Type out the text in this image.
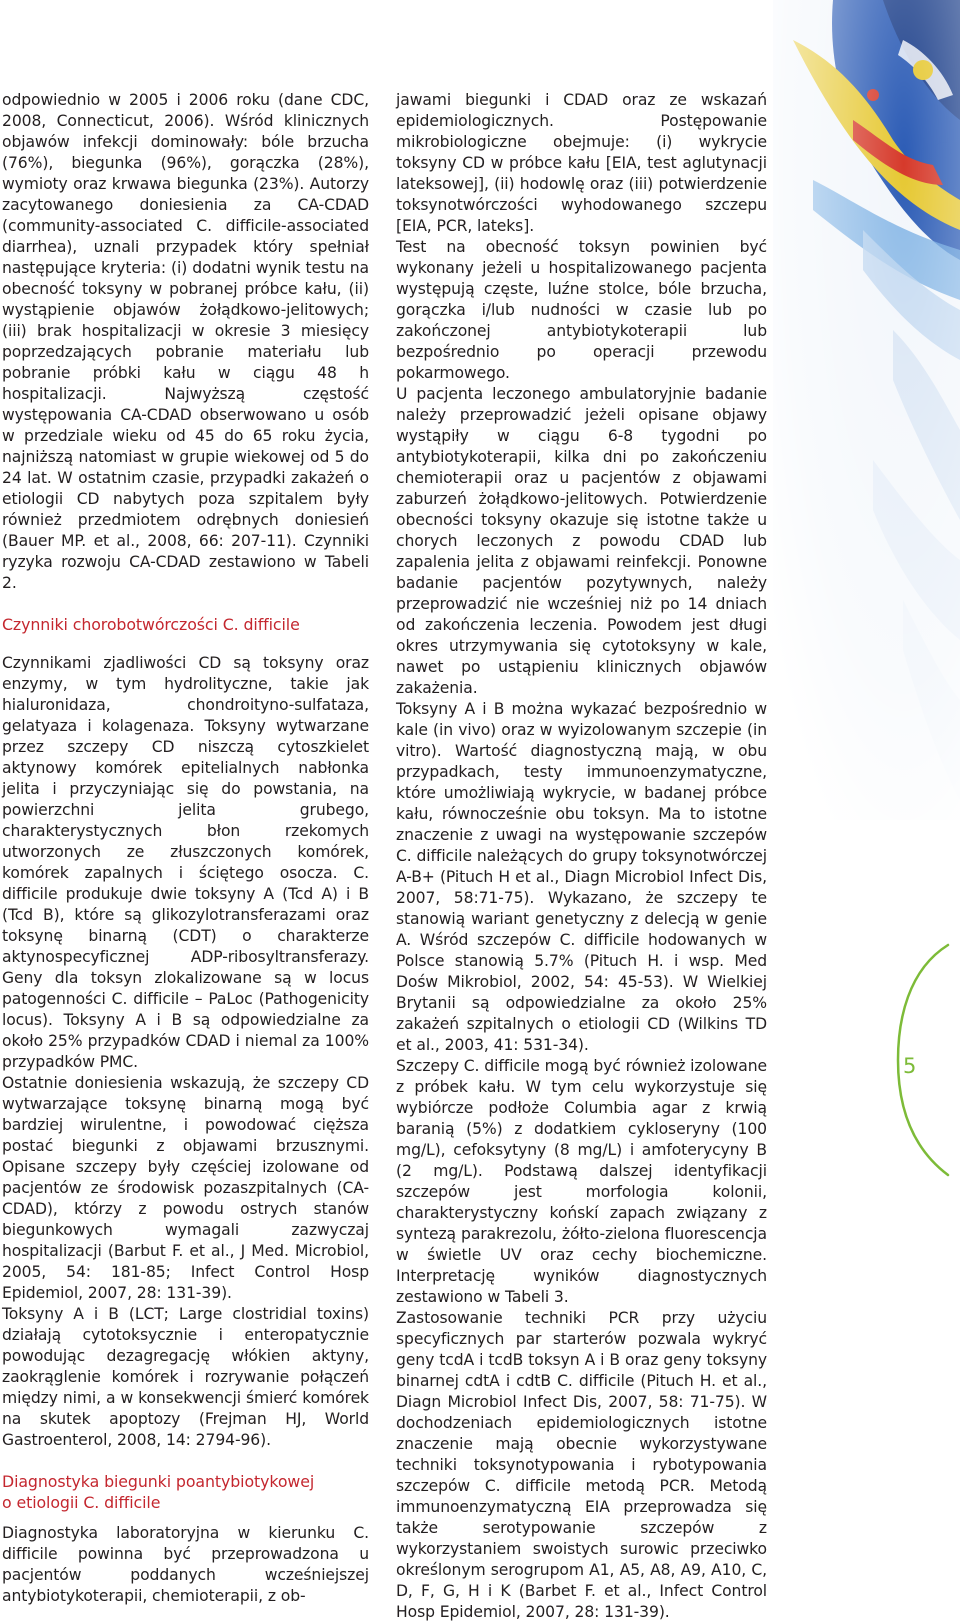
odpowiednio w 2005 i 2006 roku (dane CDC, 2008, Connecticut, 2006). Wśród klinicznych objawów infekcji dominowały: bóle brzucha (76%), biegunka (96%), gorączka (28%), wymioty oraz krwawa biegunka (23%). Autorzy zacytowanego doniesienia za CA-CDAD (community-associated C. difficile-associated diarrhea), uznali przypadek który spełniał następujące kryteria: (i) dodatni wynik testu na obecność toksyny w pobranej próbce kału, (ii) wystąpienie objawów żołądkowo-jelitowych; (iii) brak hospitalizacji w okresie 3 miesięcy poprzedzających pobranie materiału lub pobranie próbki kału w ciągu 48 h hospitalizacji. Najwyższą częstość występowania CA-CDAD obserwowano u osób w przedziale wieku od 45 do 65 roku życia, najniższą natomiast w grupie wiekowej od 5 do 24 lat. W ostatnim czasie, przypadki zakażeń o etiologii CD nabytych poza szpitalem były również przedmiotem odrębnych doniesień (Bauer MP. et al., 2008, 66: 207-11). Czynniki ryzyka rozwoju CA-CDAD zestawiono w Tabeli 2.

Czynniki chorobotwórczości C. difficile

Czynnikami zjadliwości CD są toksyny oraz enzymy, w tym hydrolityczne, takie jak hialuronidaza, chondroityno-sulfataza, gelatyaza i kolagenaza. Toksyny wytwarzane przez szczepy CD niszczą cytoszkielet aktynowy komórek epitelialnych nabłonka jelita i przyczyniając się do powstania, na powierzchni jelita grubego, charakterystycznych błon rzekomych utworzonych ze złuszczonych komórek, komórek zapalnych i ściętego osocza. C. difficile produkuje dwie toksyny A (Tcd A) i B (Tcd B), które są glikozylotransferazami oraz toksynę binarną (CDT) o charakterze aktynospecyficznej ADP-ribosyltransferazy. Geny dla toksyn zlokalizowane są w locus patogenności C. difficile – PaLoc (Pathogenicity locus). Toksyny A i B są odpowiedzialne za około 25% przypadków CDAD i niemal za 100% przypadków PMC.

Ostatnie doniesienia wskazują, że szczepy CD wytwarzające toksynę binarną mogą być bardziej wirulentne, i powodować cięższa postać biegunki z objawami brzusznymi. Opisane szczepy były częściej izolowane od pacjentów ze środowisk pozaszpitalnych (CA-CDAD), którzy z powodu ostrych stanów biegunkowych wymagali zazwyczaj hospitalizacji (Barbut F. et al., J Med. Microbiol, 2005, 54: 181-85; Infect Control Hosp Epidemiol, 2007, 28: 131-39).

Toksyny A i B (LCT; Large clostridial toxins) działają cytotoksycznie i enteropatycznie powodując dezagregację włókien aktyny, zaokrąglenie komórek i rozrywanie połączeń między nimi, a w konsekwencji śmierć komórek na skutek apoptozy (Frejman HJ, World Gastroenterol, 2008, 14: 2794-96).

Diagnostyka biegunki poantybiotykowej
o etiologii C. difficile

Diagnostyka laboratoryjna w kierunku C. difficile powinna być przeprowadzona u pacjentów poddanych wcześniejszej antybiotykoterapii, chemioterapii, z ob-

jawami biegunki i CDAD oraz ze wskazań epidemiologicznych. Postępowanie mikrobiologiczne obejmuje: (i) wykrycie toksyny CD w próbce kału [EIA, test aglutynacji lateksowej], (ii) hodowlę oraz (iii) potwierdzenie toksynotwórczości wyhodowanego szczepu [EIA, PCR, lateks].

Test na obecność toksyn powinien być wykonany jeżeli u hospitalizowanego pacjenta występują częste, luźne stolce, bóle brzucha, gorączka i/lub nudności w czasie lub po zakończonej antybiotykoterapii lub bezpośrednio po operacji przewodu pokarmowego.

U pacjenta leczonego ambulatoryjnie badanie należy przeprowadzić jeżeli opisane objawy wystąpiły w ciągu 6-8 tygodni po antybiotykoterapii, kilka dni po zakończeniu chemioterapii oraz u pacjentów z objawami zaburzeń żołądkowo-jelitowych. Potwierdzenie obecności toksyny okazuje się istotne także u chorych leczonych z powodu CDAD lub zapalenia jelita z objawami reinfekcji. Ponowne badanie pacjentów pozytywnych, należy przeprowadzić nie wcześniej niż po 14 dniach od zakończenia leczenia. Powodem jest długi okres utrzymywania się cytotoksyny w kale, nawet po ustąpieniu klinicznych objawów zakażenia.

Toksyny A i B można wykazać bezpośrednio w kale (in vivo) oraz w wyizolowanym szczepie (in vitro). Wartość diagnostyczną mają, w obu przypadkach, testy immunoenzymatyczne, które umożliwiają wykrycie, w badanej próbce kału, równocześnie obu toksyn. Ma to istotne znaczenie z uwagi na występowanie szczepów C. difficile należących do grupy toksynotwórczej A-B+ (Pituch H et al., Diagn Microbiol Infect Dis, 2007, 58:71-75). Wykazano, że szczepy te stanowią wariant genetyczny z delecją w genie A. Wśród szczepów C. difficile hodowanych w Polsce stanowią 5.7% (Pituch H. i wsp. Med Dośw Mikrobiol, 2002, 54: 45-53). W Wielkiej Brytanii są odpowiedzialne za około 25% zakażeń szpitalnych o etiologii CD (Wilkins TD et al., 2003, 41: 531-34).

Szczepy C. difficile mogą być również izolowane z próbek kału. W tym celu wykorzystuje się wybiórcze podłoże Columbia agar z krwią baranią (5%) z dodatkiem cykloseryny (100 mg/L), cefoksytyny (8 mg/L) i amfoterycyny B (2 mg/L). Podstawą dalszej identyfikacji szczepów jest morfologia kolonii, charakterystyczny końskí zapach związany z syntezą parakrezolu, żółto-zielona fluorescencja w świetle UV oraz cechy biochemiczne. Interpretację wyników diagnostycznych zestawiono w Tabeli 3.

Zastosowanie techniki PCR przy użyciu specyficznych par starterów pozwala wykryć geny tcdA i tcdB toksyn A i B oraz geny toksyny binarnej cdtA i cdtB C. difficile (Pituch H. et al., Diagn Microbiol Infect Dis, 2007, 58: 71-75). W dochodzeniach epidemiologicznych istotne znaczenie mają obecnie wykorzystywane techniki toksynotypowania i rybotypowania szczepów C. difficile metodą PCR. Metodą immunoenzymatyczną EIA przeprowadza się także serotypowanie szczepów z wykorzystaniem swoistych surowic przeciwko określonym serogrupom A1, A5, A8, A9, A10, C, D, F, G, H i K (Barbet F. et al., Infect Control Hosp Epidemiol, 2007, 28: 131-39).

5
